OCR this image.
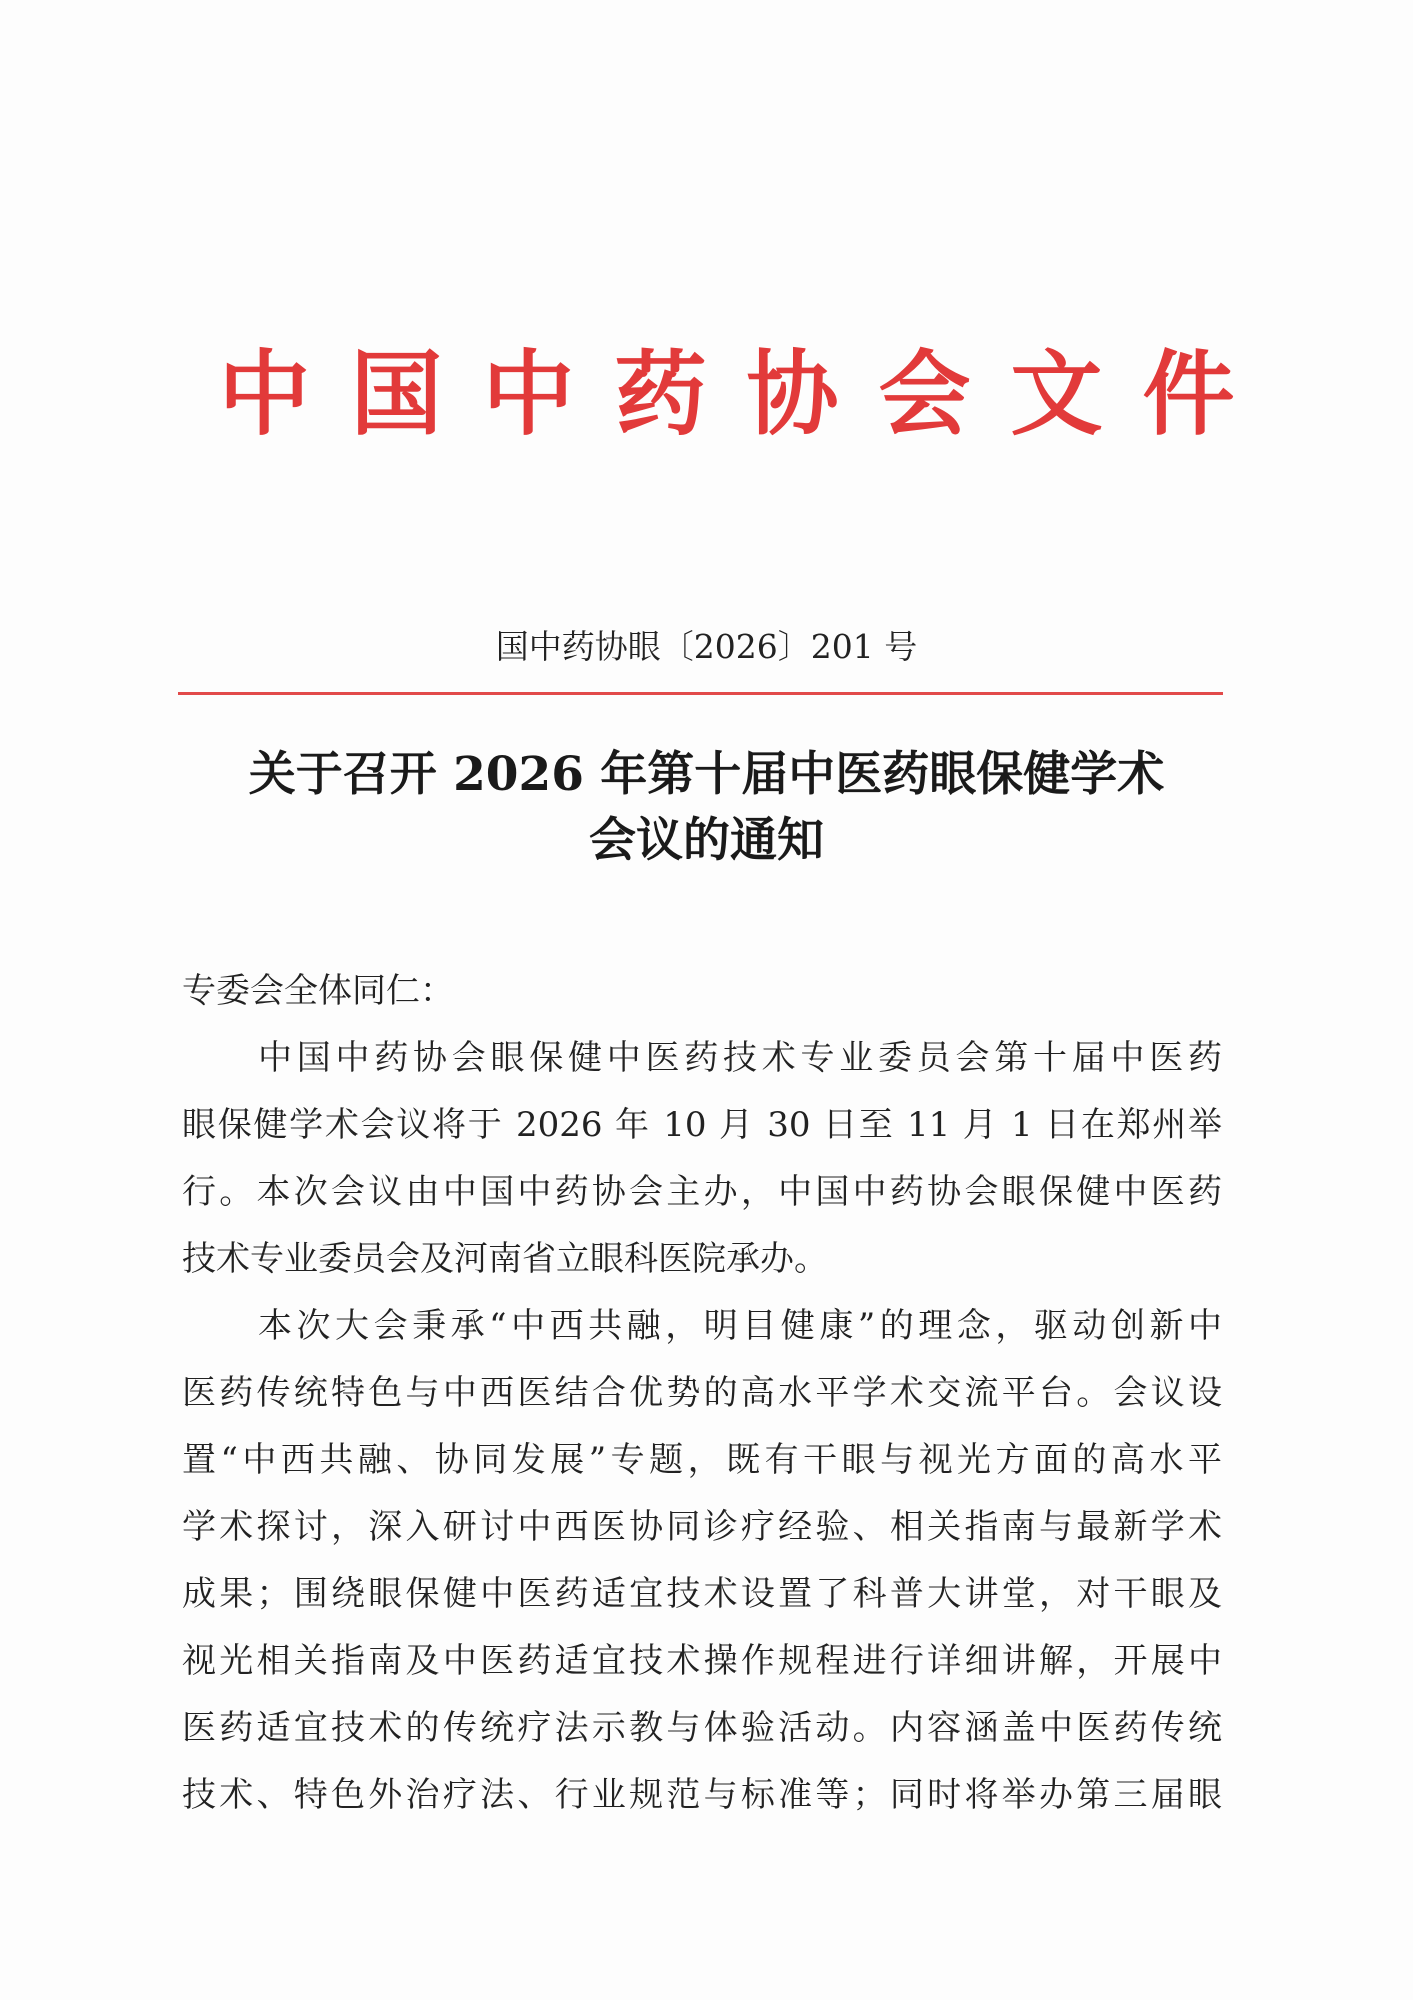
中国中药协会文件
国中药协眼〔2026〕201 号
关于召开 2026 年第十届中医药眼保健学术
会议的通知
专委会全体同仁：
中国中药协会眼保健中医药技术专业委员会第十届中医药
眼保健学术会议将于 2026 年 10 月 30 日至 11 月 1 日在郑州举
行。本次会议由中国中药协会主办，中国中药协会眼保健中医药
技术专业委员会及河南省立眼科医院承办。
本次大会秉承“中西共融，明目健康”的理念，驱动创新中
医药传统特色与中西医结合优势的高水平学术交流平台。会议设
置“中西共融、协同发展”专题，既有干眼与视光方面的高水平
学术探讨，深入研讨中西医协同诊疗经验、相关指南与最新学术
成果；围绕眼保健中医药适宜技术设置了科普大讲堂，对干眼及
视光相关指南及中医药适宜技术操作规程进行详细讲解，开展中
医药适宜技术的传统疗法示教与体验活动。内容涵盖中医药传统
技术、特色外治疗法、行业规范与标准等；同时将举办第三届眼
